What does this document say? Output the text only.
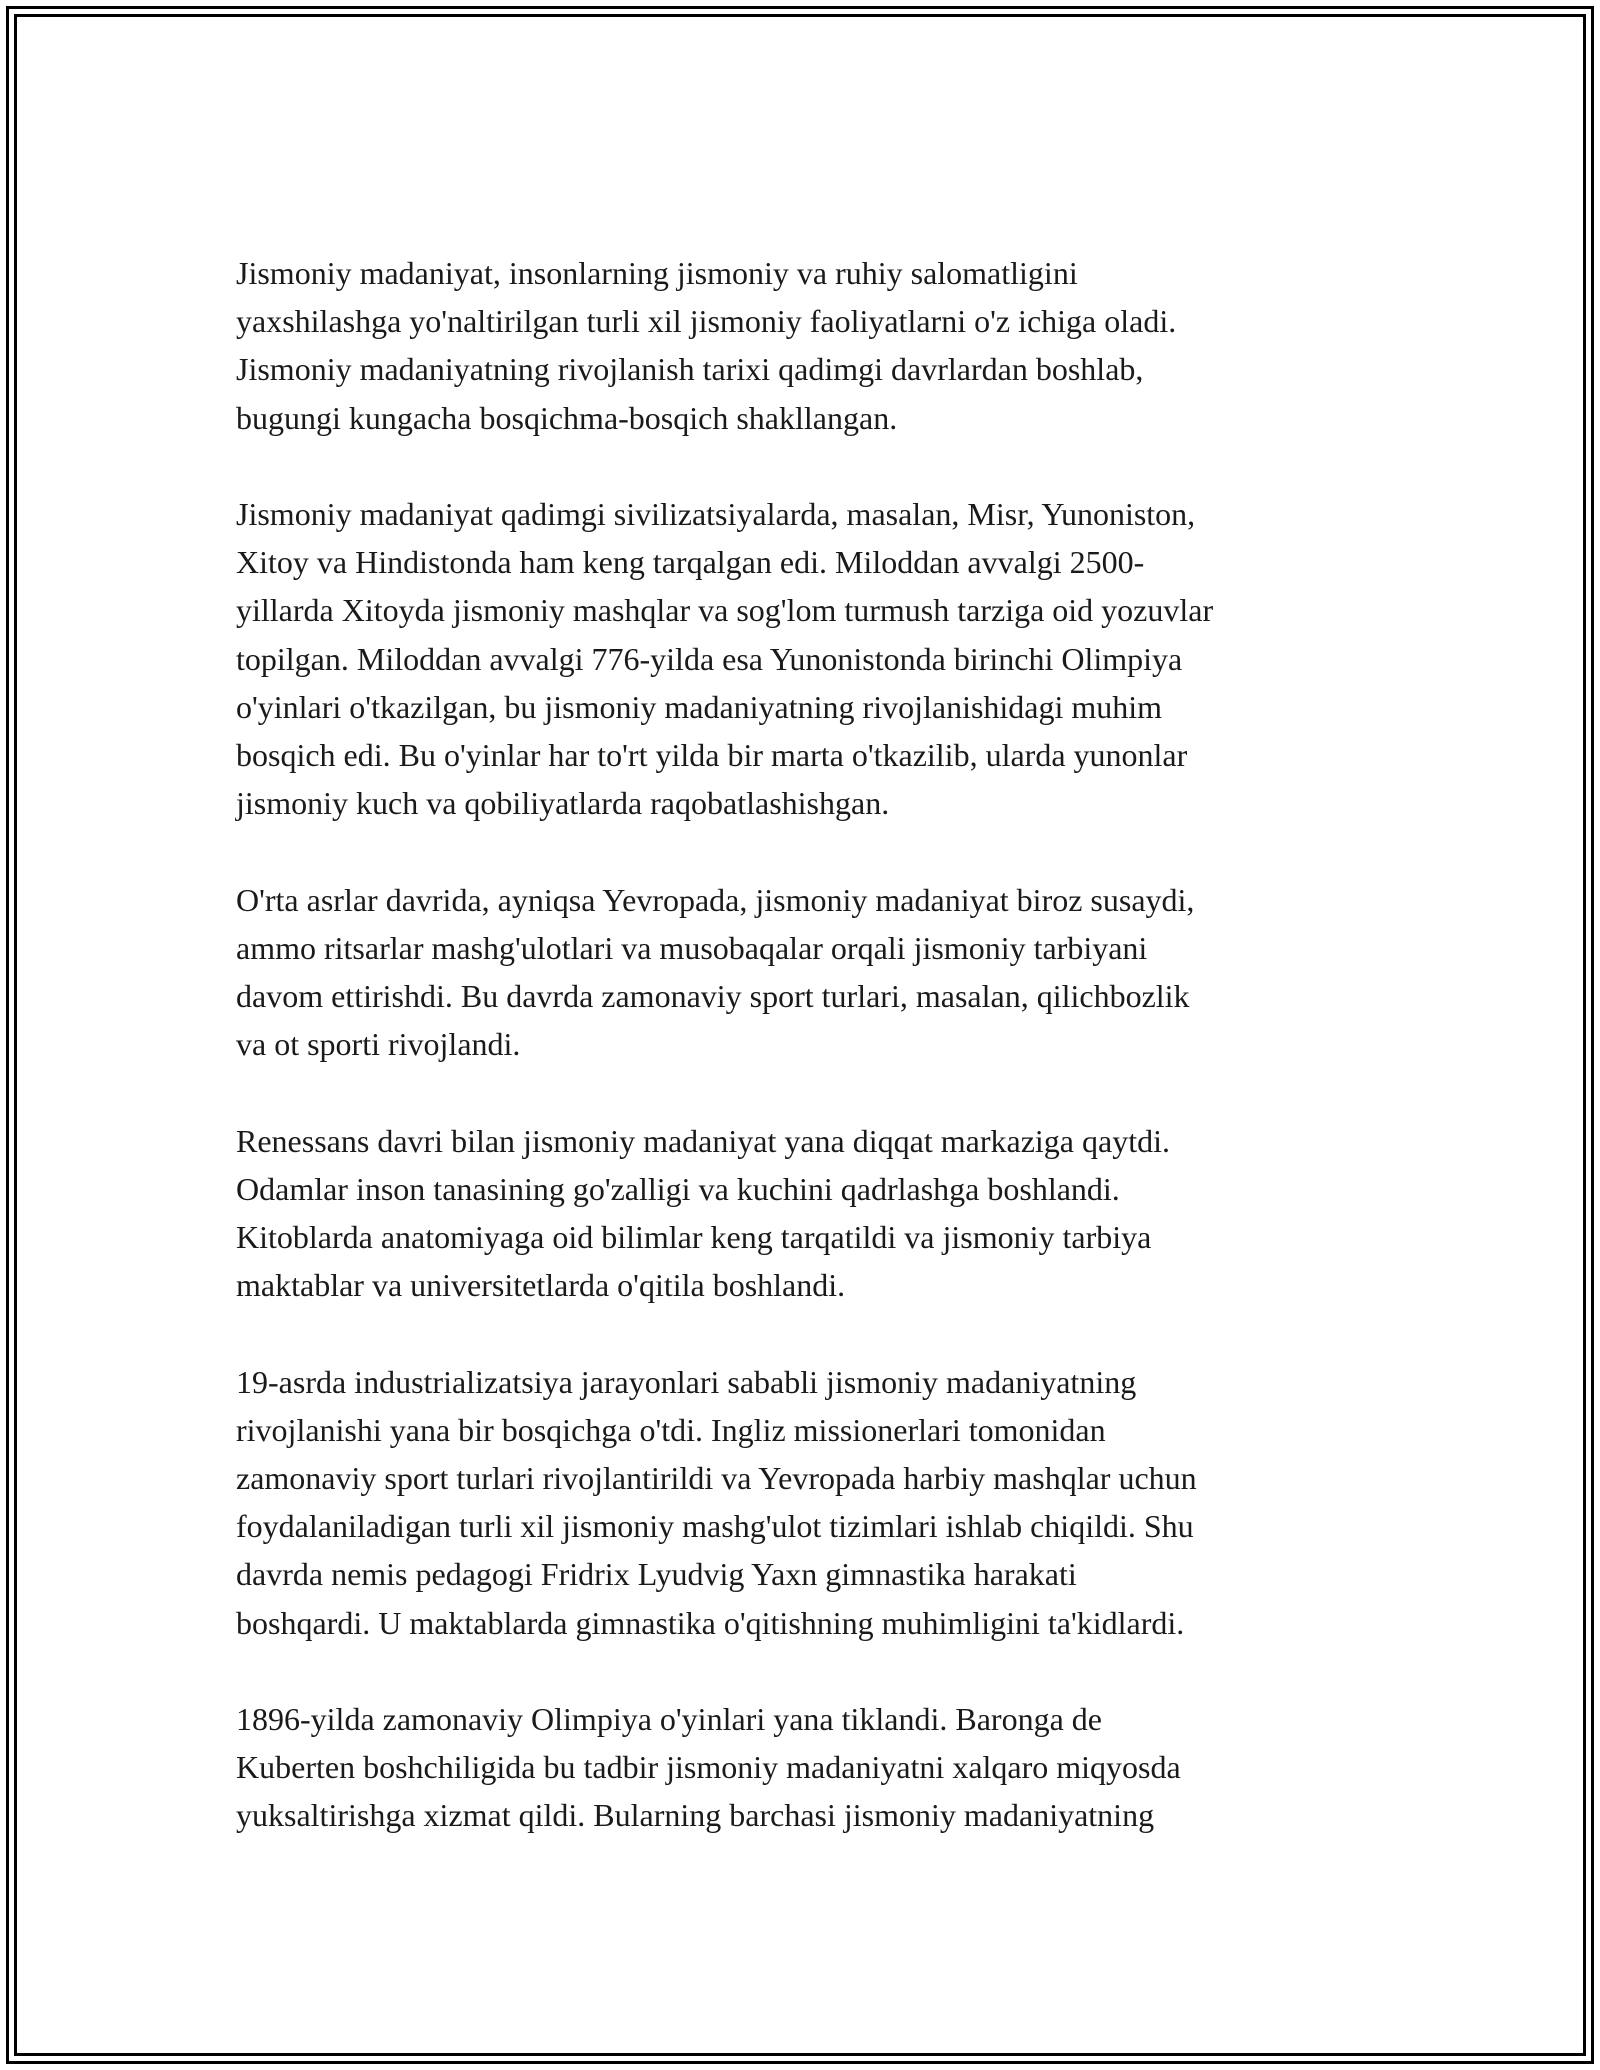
Jismoniy madaniyat, insonlarning jismoniy va ruhiy salomatligini
yaxshilashga yo'naltirilgan turli xil jismoniy faoliyatlarni o'z ichiga oladi.
Jismoniy madaniyatning rivojlanish tarixi qadimgi davrlardan boshlab,
bugungi kungacha bosqichma-bosqich shakllangan.

Jismoniy madaniyat qadimgi sivilizatsiyalarda, masalan, Misr, Yunoniston,
Xitoy va Hindistonda ham keng tarqalgan edi. Miloddan avvalgi 2500-
yillarda Xitoyda jismoniy mashqlar va sog'lom turmush tarziga oid yozuvlar
topilgan. Miloddan avvalgi 776-yilda esa Yunonistonda birinchi Olimpiya
o'yinlari o'tkazilgan, bu jismoniy madaniyatning rivojlanishidagi muhim
bosqich edi. Bu o'yinlar har to'rt yilda bir marta o'tkazilib, ularda yunonlar
jismoniy kuch va qobiliyatlarda raqobatlashishgan.

O'rta asrlar davrida, ayniqsa Yevropada, jismoniy madaniyat biroz susaydi,
ammo ritsarlar mashg'ulotlari va musobaqalar orqali jismoniy tarbiyani
davom ettirishdi. Bu davrda zamonaviy sport turlari, masalan, qilichbozlik
va ot sporti rivojlandi.

Renessans davri bilan jismoniy madaniyat yana diqqat markaziga qaytdi.
Odamlar inson tanasining go'zalligi va kuchini qadrlashga boshlandi.
Kitoblarda anatomiyaga oid bilimlar keng tarqatildi va jismoniy tarbiya
maktablar va universitetlarda o'qitila boshlandi.

19-asrda industrializatsiya jarayonlari sababli jismoniy madaniyatning
rivojlanishi yana bir bosqichga o'tdi. Ingliz missionerlari tomonidan
zamonaviy sport turlari rivojlantirildi va Yevropada harbiy mashqlar uchun
foydalaniladigan turli xil jismoniy mashg'ulot tizimlari ishlab chiqildi. Shu
davrda nemis pedagogi Fridrix Lyudvig Yaxn gimnastika harakati
boshqardi. U maktablarda gimnastika o'qitishning muhimligini ta'kidlardi.

1896-yilda zamonaviy Olimpiya o'yinlari yana tiklandi. Baronga de
Kuberten boshchiligida bu tadbir jismoniy madaniyatni xalqaro miqyosda
yuksaltirishga xizmat qildi. Bularning barchasi jismoniy madaniyatning
